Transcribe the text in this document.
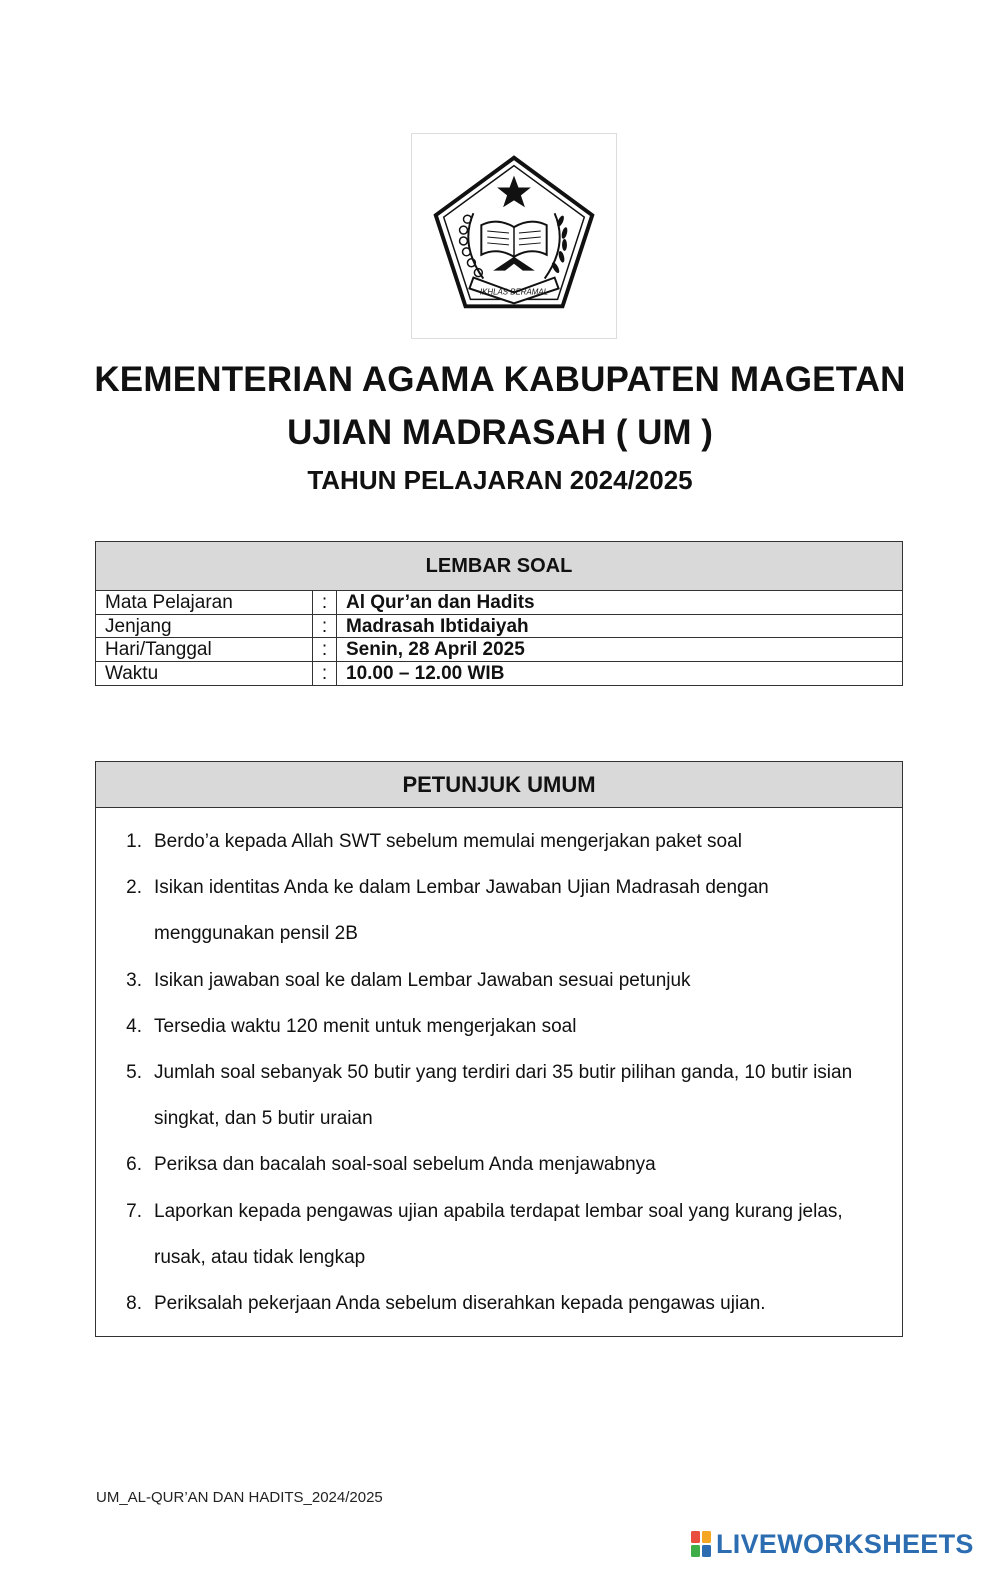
IKHLAS BERAMAL
KEMENTERIAN AGAMA KABUPATEN MAGETAN
UJIAN MADRASAH ( UM )
TAHUN PELAJARAN 2024/2025
LEMBAR SOAL
Mata Pelajaran	: Al Qur’an dan Hadits
Jenjang	: Madrasah Ibtidaiyah
Hari/Tanggal	: Senin, 28 April 2025
Waktu	: 10.00 – 12.00 WIB
PETUNJUK UMUM
1. Berdo’a kepada Allah SWT sebelum memulai mengerjakan paket soal
2. Isikan identitas Anda ke dalam Lembar Jawaban Ujian Madrasah dengan menggunakan pensil 2B
3. Isikan jawaban soal ke dalam Lembar Jawaban sesuai petunjuk
4. Tersedia waktu 120 menit untuk mengerjakan soal
5. Jumlah soal sebanyak 50 butir yang terdiri dari 35 butir pilihan ganda, 10 butir isian singkat, dan 5 butir uraian
6. Periksa dan bacalah soal-soal sebelum Anda menjawabnya
7. Laporkan kepada pengawas ujian apabila terdapat lembar soal yang kurang jelas, rusak, atau tidak lengkap
8. Periksalah pekerjaan Anda sebelum diserahkan kepada pengawas ujian.
UM_AL-QUR’AN DAN HADITS_2024/2025
LIVEWORKSHEETS
